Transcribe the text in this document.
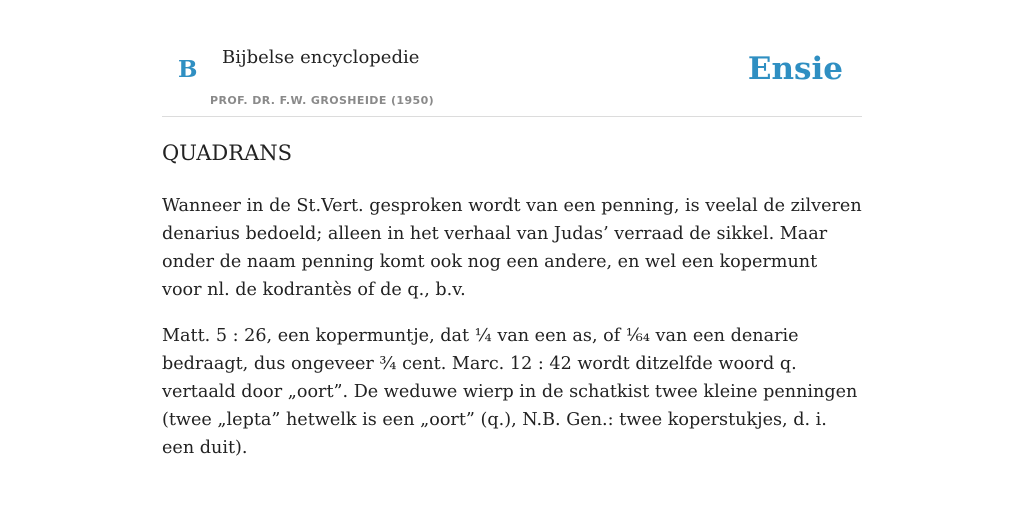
B Bijbelse encyclopedie
PROF. DR. F.W. GROSHEIDE (1950)
Ensie
QUADRANS

Wanneer in de St.Vert. gesproken wordt van een penning, is veelal de zilveren denarius bedoeld; alleen in het verhaal van Judas’ verraad de sikkel. Maar onder de naam penning komt ook nog een andere, en wel een kopermunt voor nl. de kodrantès of de q., b.v.

Matt. 5 : 26, een kopermuntje, dat ¼ van een as, of ¹⁄₆₄ van een denarie bedraagt, dus ongeveer ¾ cent. Marc. 12 : 42 wordt ditzelfde woord q. vertaald door „oort”. De weduwe wierp in de schatkist twee kleine penningen (twee „lepta” hetwelk is een „oort” (q.), N.B. Gen.: twee koperstukjes, d. i. een duit).
